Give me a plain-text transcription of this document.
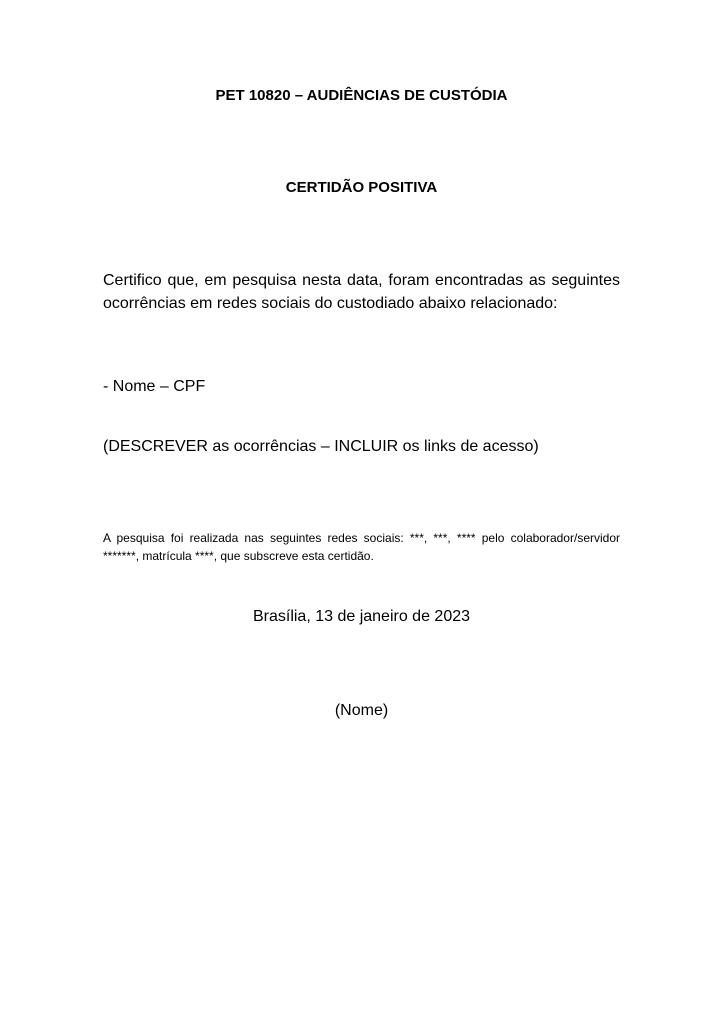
PET 10820 – AUDIÊNCIAS DE CUSTÓDIA

CERTIDÃO POSITIVA

Certifico que, em pesquisa nesta data, foram encontradas as seguintes ocorrências em redes sociais do custodiado abaixo relacionado:

- Nome – CPF

(DESCREVER as ocorrências – INCLUIR os links de acesso)

A pesquisa foi realizada nas seguintes redes sociais: ***, ***, **** pelo colaborador/servidor *******, matrícula ****, que subscreve esta certidão.

Brasília, 13 de janeiro de 2023

(Nome)
